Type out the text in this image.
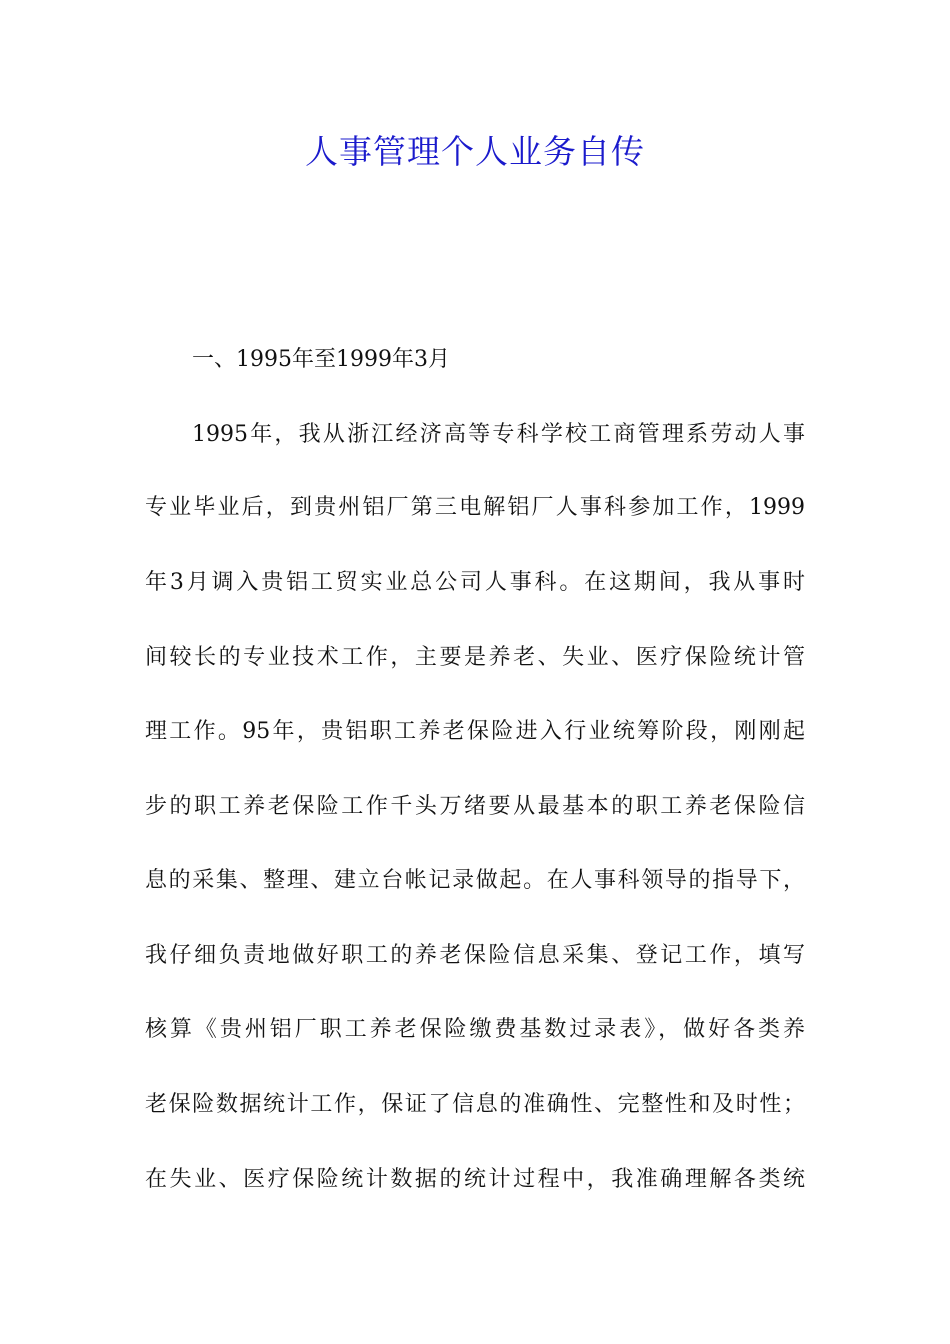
人事管理个人业务自传

一、1995年至1999年3月

1995年，我从浙江经济高等专科学校工商管理系劳动人事

专业毕业后，到贵州铝厂第三电解铝厂人事科参加工作，1999

年3月调入贵铝工贸实业总公司人事科。在这期间，我从事时

间较长的专业技术工作，主要是养老、失业、医疗保险统计管

理工作。95年，贵铝职工养老保险进入行业统筹阶段，刚刚起

步的职工养老保险工作千头万绪要从最基本的职工养老保险信

息的采集、整理、建立台帐记录做起。在人事科领导的指导下，

我仔细负责地做好职工的养老保险信息采集、登记工作，填写

核算《贵州铝厂职工养老保险缴费基数过录表》，做好各类养

老保险数据统计工作，保证了信息的准确性、完整性和及时性；

在失业、医疗保险统计数据的统计过程中，我准确理解各类统
